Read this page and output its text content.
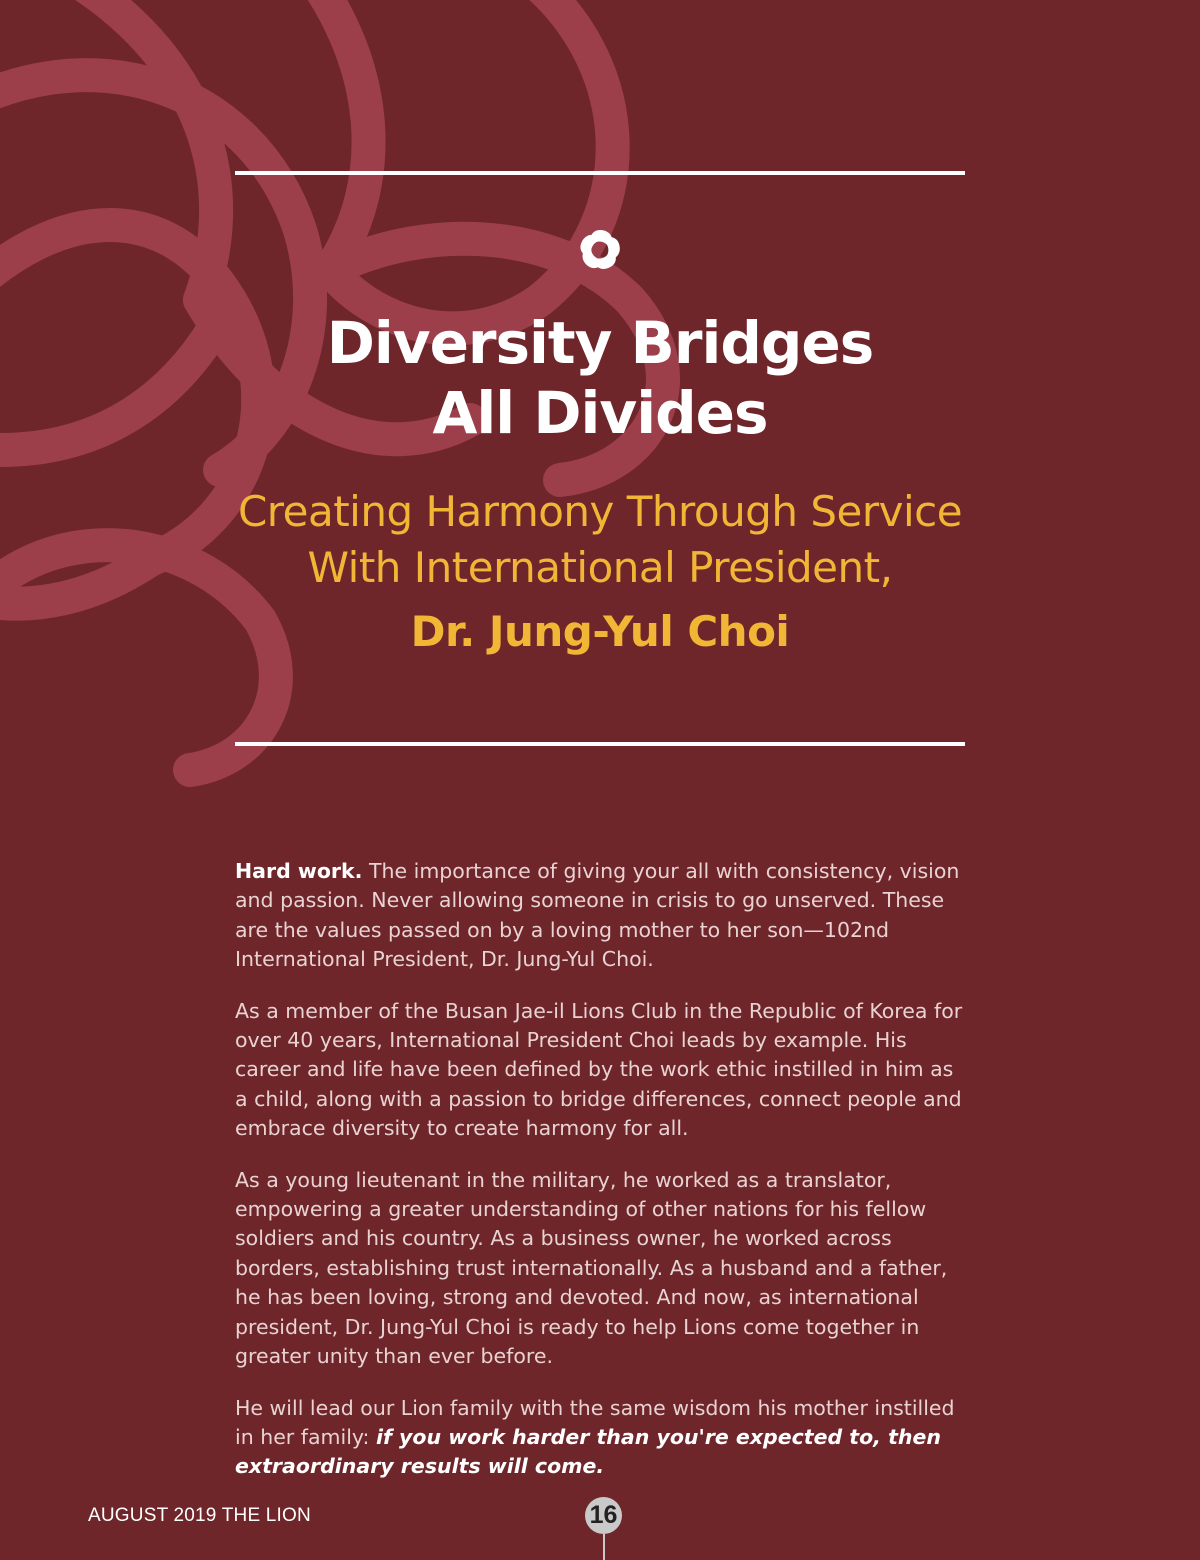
Diversity Bridges
All Divides
Creating Harmony Through Service
With International President,
Dr. Jung-Yul Choi

Hard work. The importance of giving your all with consistency, vision and passion. Never allowing someone in crisis to go unserved. These are the values passed on by a loving mother to her son—102nd International President, Dr. Jung-Yul Choi.

As a member of the Busan Jae-il Lions Club in the Republic of Korea for over 40 years, International President Choi leads by example. His career and life have been defined by the work ethic instilled in him as a child, along with a passion to bridge differences, connect people and embrace diversity to create harmony for all.

As a young lieutenant in the military, he worked as a translator, empowering a greater understanding of other nations for his fellow soldiers and his country. As a business owner, he worked across borders, establishing trust internationally. As a husband and a father, he has been loving, strong and devoted. And now, as international president, Dr. Jung-Yul Choi is ready to help Lions come together in greater unity than ever before.

He will lead our Lion family with the same wisdom his mother instilled in her family: if you work harder than you're expected to, then extraordinary results will come.

AUGUST 2019 THE LION	16
